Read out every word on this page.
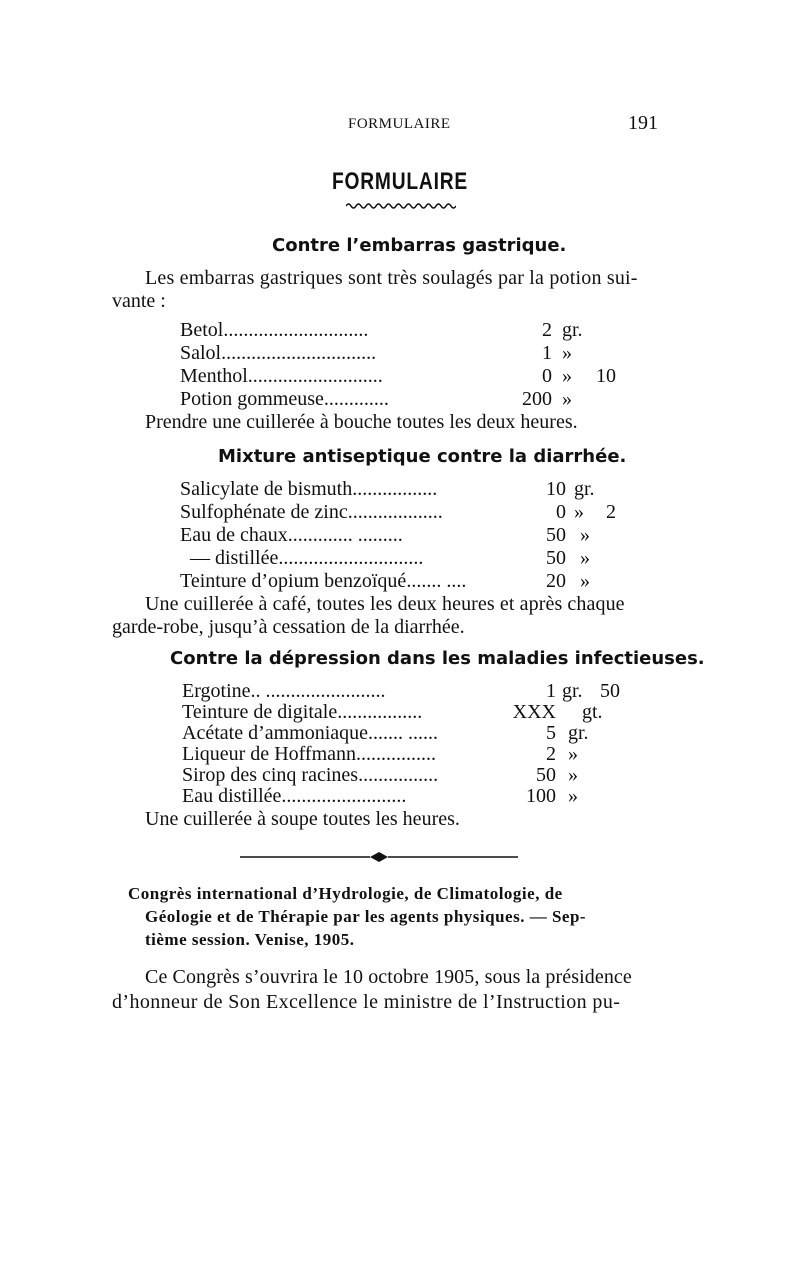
FORMULAIRE	191
FORMULAIRE
Contre l’embarras gastrique.
Les embarras gastriques sont très soulagés par la potion sui-
vante :
Betol.............................	2 gr.
Salol...............................	1 »
Menthol...........................	0 » 10
Potion gommeuse.............	200 »
Prendre une cuillerée à bouche toutes les deux heures.
Mixture antiseptique contre la diarrhée.
Salicylate de bismuth.................	10 gr.
Sulfophénate de zinc...................	0 » 2
Eau de chaux............. .........	50 »
— distillée.............................	50 »
Teinture d’opium benzoïqué....... ....	20 »
Une cuillerée à café, toutes les deux heures et après chaque
garde-robe, jusqu’à cessation de la diarrhée.
Contre la dépression dans les maladies infectieuses.
Ergotine.. ........................	1 gr. 50
Teinture de digitale.................	XXX gt.
Acétate d’ammoniaque....... ......	5 gr.
Liqueur de Hoffmann................	2 »
Sirop des cinq racines................	50 »
Eau distillée.........................	100 »
Une cuillerée à soupe toutes les heures.
Congrès international d’Hydrologie, de Climatologie, de
Géologie et de Thérapie par les agents physiques. — Sep-
tième session. Venise, 1905.
Ce Congrès s’ouvrira le 10 octobre 1905, sous la présidence
d’honneur de Son Excellence le ministre de l’Instruction pu-
